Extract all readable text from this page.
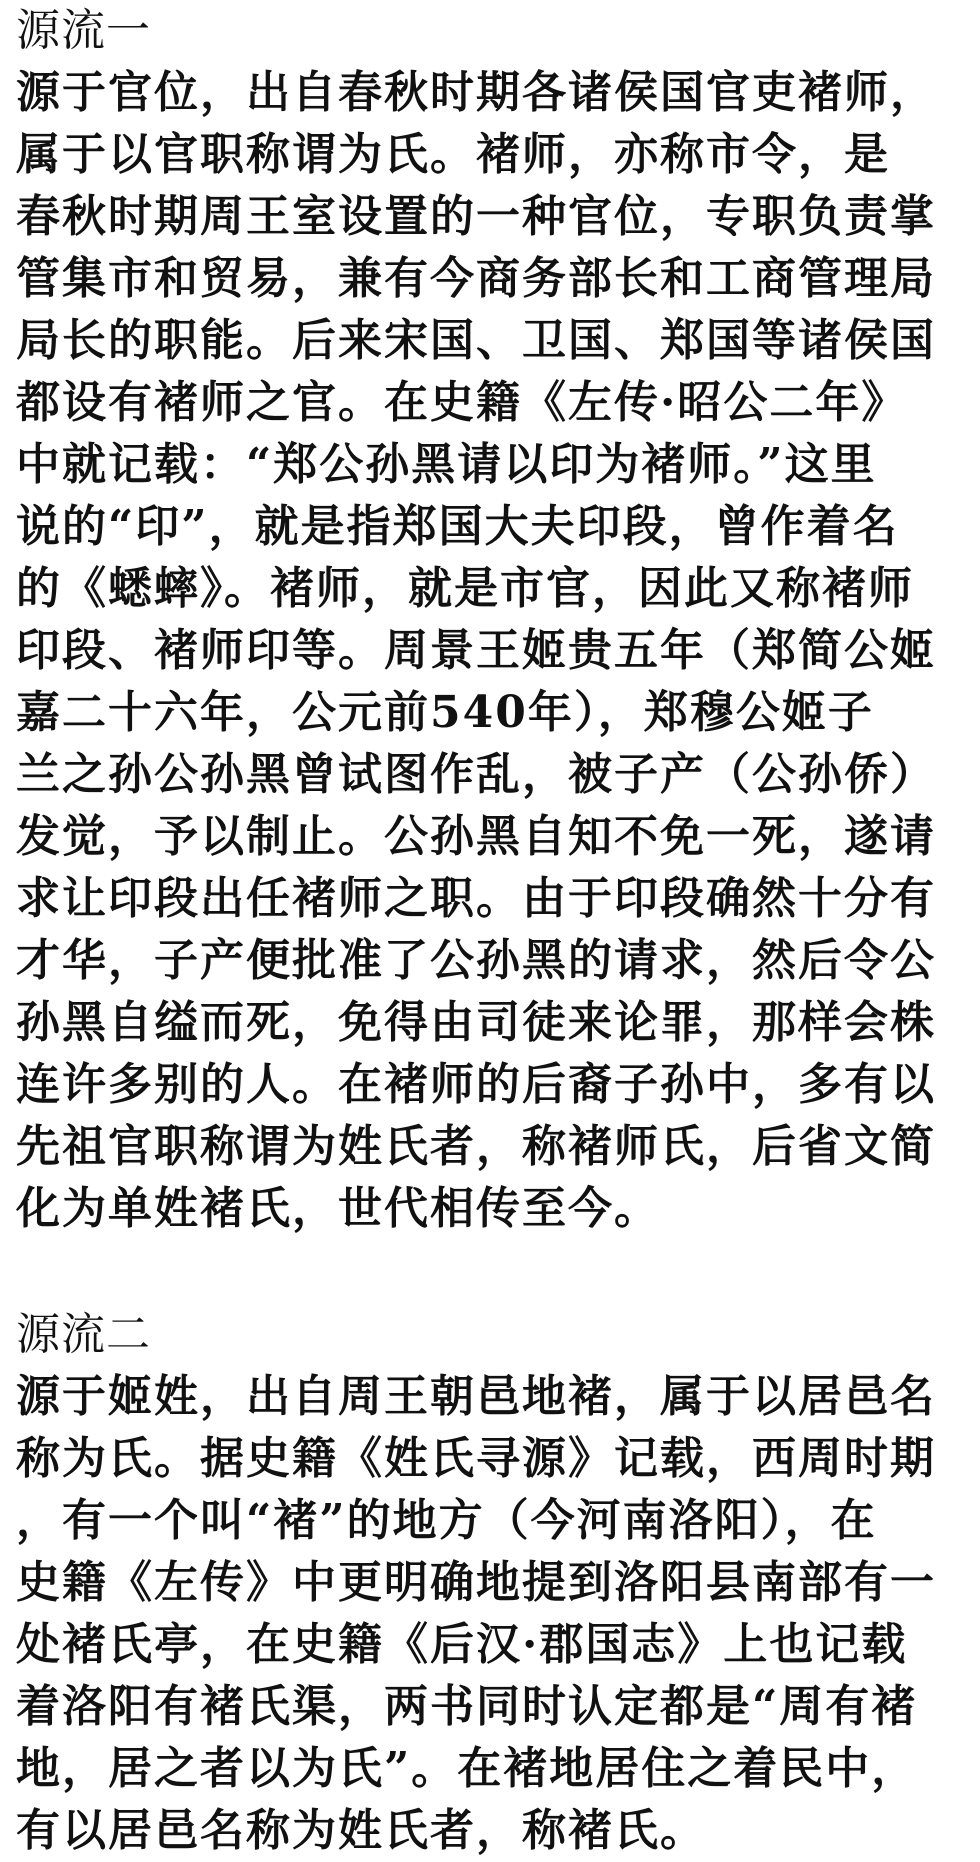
源流一
源于官位，出自春秋时期各诸侯国官吏褚师，
属于以官职称谓为氏。褚师，亦称市令，是
春秋时期周王室设置的一种官位，专职负责掌
管集市和贸易，兼有今商务部长和工商管理局
局长的职能。后来宋国、卫国、郑国等诸侯国
都设有褚师之官。在史籍《左传·昭公二年》
中就记载：“郑公孙黑请以印为褚师。”这里
说的“印”，就是指郑国大夫印段，曾作着名
的《蟋蟀》。褚师，就是市官，因此又称褚师
印段、褚师印等。周景王姬贵五年（郑简公姬
嘉二十六年，公元前540年），郑穆公姬子
兰之孙公孙黑曾试图作乱，被子产（公孙侨）
发觉，予以制止。公孙黑自知不免一死，遂请
求让印段出任褚师之职。由于印段确然十分有
才华，子产便批准了公孙黑的请求，然后令公
孙黑自缢而死，免得由司徒来论罪，那样会株
连许多别的人。在褚师的后裔子孙中，多有以
先祖官职称谓为姓氏者，称褚师氏，后省文简
化为单姓褚氏，世代相传至今。
源流二
源于姬姓，出自周王朝邑地褚，属于以居邑名
称为氏。据史籍《姓氏寻源》记载，西周时期
，有一个叫“褚”的地方（今河南洛阳），在
史籍《左传》中更明确地提到洛阳县南部有一
处褚氏亭，在史籍《后汉·郡国志》上也记载
着洛阳有褚氏渠，两书同时认定都是“周有褚
地，居之者以为氏”。在褚地居住之着民中，
有以居邑名称为姓氏者，称褚氏。
